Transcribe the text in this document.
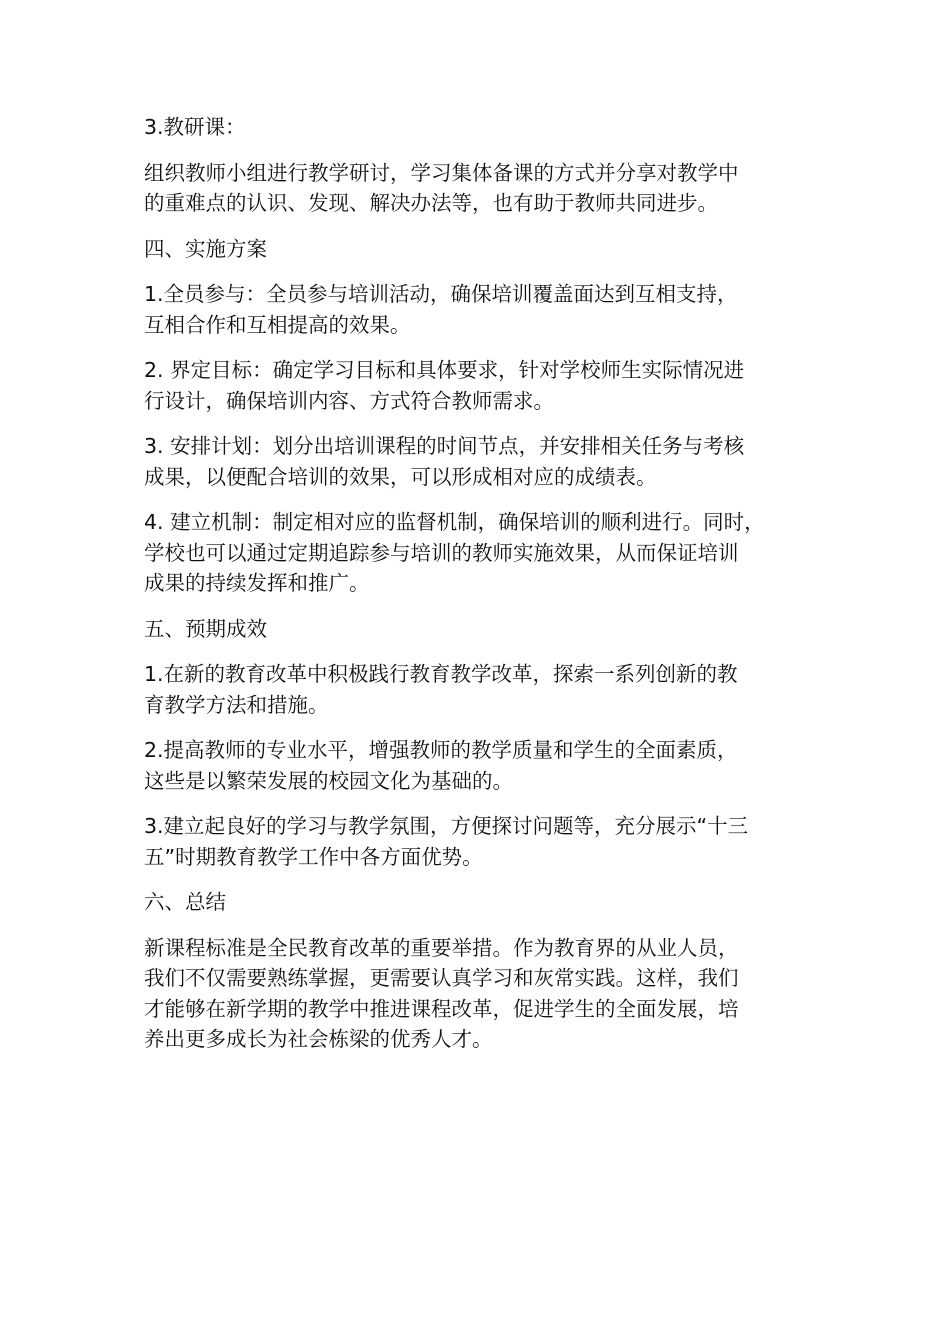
3.教研课：

组织教师小组进行教学研讨，学习集体备课的方式并分享对教学中
的重难点的认识、发现、解决办法等，也有助于教师共同进步。

四、实施方案

1.全员参与：全员参与培训活动，确保培训覆盖面达到互相支持，
互相合作和互相提高的效果。

2. 界定目标：确定学习目标和具体要求，针对学校师生实际情况进
行设计，确保培训内容、方式符合教师需求。

3. 安排计划：划分出培训课程的时间节点，并安排相关任务与考核
成果，以便配合培训的效果，可以形成相对应的成绩表。

4. 建立机制：制定相对应的监督机制，确保培训的顺利进行。同时，
学校也可以通过定期追踪参与培训的教师实施效果，从而保证培训
成果的持续发挥和推广。

五、预期成效

1.在新的教育改革中积极践行教育教学改革，探索一系列创新的教
育教学方法和措施。

2.提高教师的专业水平，增强教师的教学质量和学生的全面素质，
这些是以繁荣发展的校园文化为基础的。

3.建立起良好的学习与教学氛围，方便探讨问题等，充分展示“十三
五”时期教育教学工作中各方面优势。

六、总结

新课程标准是全民教育改革的重要举措。作为教育界的从业人员，
我们不仅需要熟练掌握，更需要认真学习和灰常实践。这样，我们
才能够在新学期的教学中推进课程改革，促进学生的全面发展，培
养出更多成长为社会栋梁的优秀人才。
